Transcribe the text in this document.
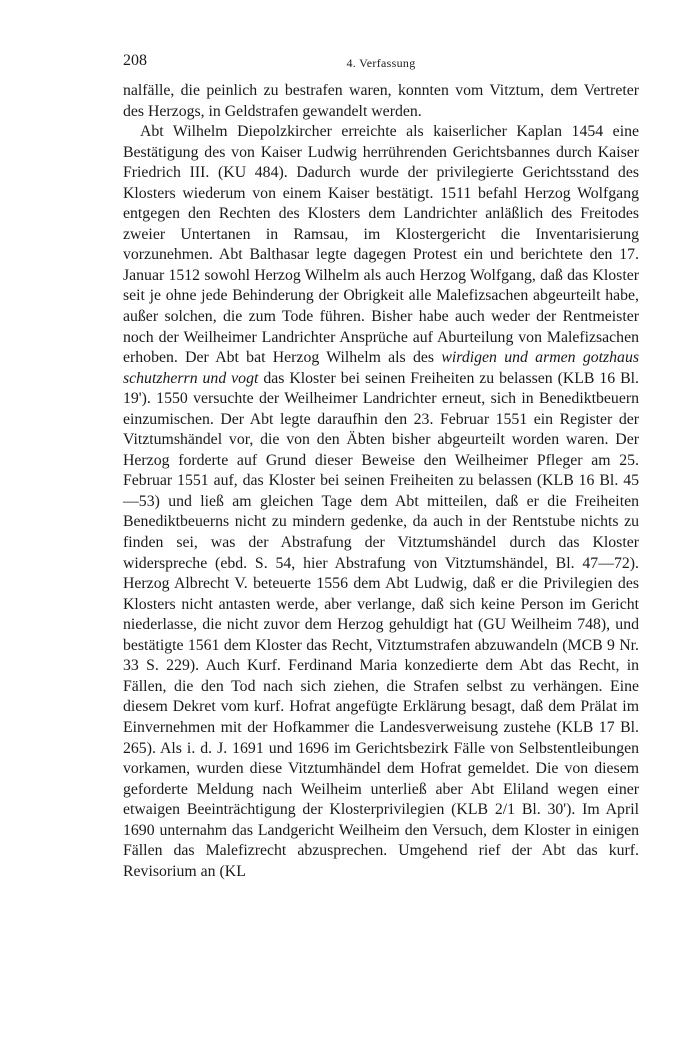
208	4. Verfassung

nalfälle, die peinlich zu bestrafen waren, konnten vom Vitztum, dem Vertreter des Herzogs, in Geldstrafen gewandelt werden.

Abt Wilhelm Diepolzkircher erreichte als kaiserlicher Kaplan 1454 eine Bestätigung des von Kaiser Ludwig herrührenden Gerichtsbannes durch Kaiser Friedrich III. (KU 484). Dadurch wurde der privilegierte Gerichtsstand des Klosters wiederum von einem Kaiser bestätigt. 1511 befahl Herzog Wolfgang entgegen den Rechten des Klosters dem Landrichter anläßlich des Freitodes zweier Untertanen in Ramsau, im Klostergericht die Inventarisierung vorzunehmen. Abt Balthasar legte dagegen Protest ein und berichtete den 17. Januar 1512 sowohl Herzog Wilhelm als auch Herzog Wolfgang, daß das Kloster seit je ohne jede Behinderung der Obrigkeit alle Malefizsachen abgeurteilt habe, außer solchen, die zum Tode führen. Bisher habe auch weder der Rentmeister noch der Weilheimer Landrichter Ansprüche auf Aburteilung von Malefizsachen erhoben. Der Abt bat Herzog Wilhelm als des wirdigen und armen gotzhaus schutzherrn und vogt das Kloster bei seinen Freiheiten zu belassen (KLB 16 Bl. 19'). 1550 versuchte der Weilheimer Landrichter erneut, sich in Benediktbeuern einzumischen. Der Abt legte daraufhin den 23. Februar 1551 ein Register der Vitztumshändel vor, die von den Äbten bisher abgeurteilt worden waren. Der Herzog forderte auf Grund dieser Beweise den Weilheimer Pfleger am 25. Februar 1551 auf, das Kloster bei seinen Freiheiten zu belassen (KLB 16 Bl. 45—53) und ließ am gleichen Tage dem Abt mitteilen, daß er die Freiheiten Benediktbeuerns nicht zu mindern gedenke, da auch in der Rentstube nichts zu finden sei, was der Abstrafung der Vitztumshändel durch das Kloster widerspreche (ebd. S. 54, hier Abstrafung von Vitztumshändel, Bl. 47—72). Herzog Albrecht V. beteuerte 1556 dem Abt Ludwig, daß er die Privilegien des Klosters nicht antasten werde, aber verlange, daß sich keine Person im Gericht niederlasse, die nicht zuvor dem Herzog gehuldigt hat (GU Weilheim 748), und bestätigte 1561 dem Kloster das Recht, Vitztumstrafen abzuwandeln (MCB 9 Nr. 33 S. 229). Auch Kurf. Ferdinand Maria konzedierte dem Abt das Recht, in Fällen, die den Tod nach sich ziehen, die Strafen selbst zu verhängen. Eine diesem Dekret vom kurf. Hofrat angefügte Erklärung besagt, daß dem Prälat im Einvernehmen mit der Hofkammer die Landesverweisung zustehe (KLB 17 Bl. 265). Als i. d. J. 1691 und 1696 im Gerichtsbezirk Fälle von Selbstentleibungen vorkamen, wurden diese Vitztumhändel dem Hofrat gemeldet. Die von diesem geforderte Meldung nach Weilheim unterließ aber Abt Eliland wegen einer etwaigen Beeinträchtigung der Klosterprivilegien (KLB 2/1 Bl. 30'). Im April 1690 unternahm das Landgericht Weilheim den Versuch, dem Kloster in einigen Fällen das Malefizrecht abzusprechen. Umgehend rief der Abt das kurf. Revisorium an (KL
